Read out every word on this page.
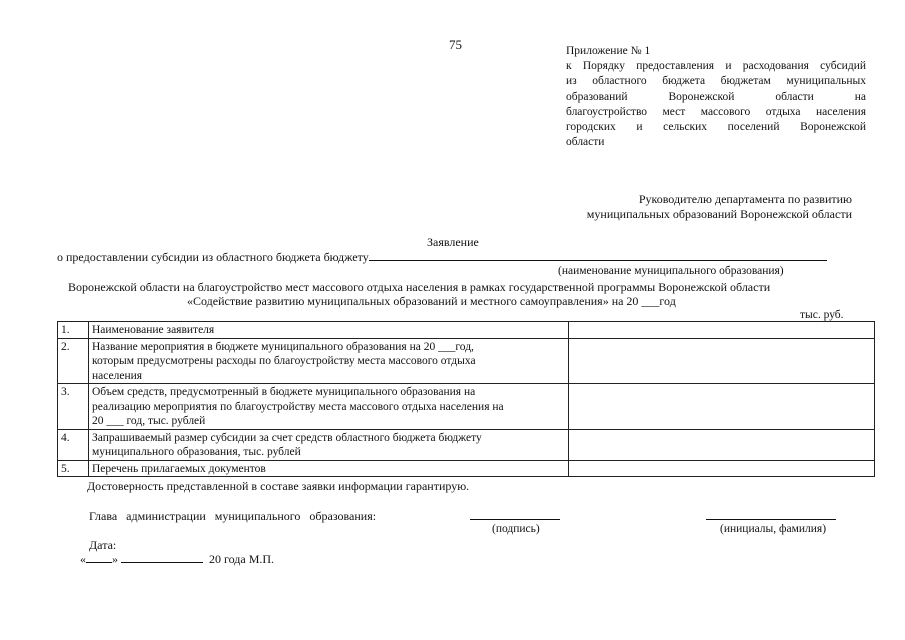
75	Приложение № 1
к Порядку предоставления и расходования субсидий
из областного бюджета бюджетам муниципальных
образований Воронежской области на
благоустройство мест массового отдыха населения
городских и сельских поселений Воронежской
области
Руководителю департамента по развитию
муниципальных образований Воронежской области
Заявление
о предоставлении субсидии из областного бюджета бюджету
(наименование муниципального образования)
Воронежской области на благоустройство мест массового отдыха населения в рамках государственной программы Воронежской области
«Содействие развитию муниципальных образований и местного самоуправления» на 20 ___год
тыс. руб.
1.	Наименование заявителя	

2.	Название мероприятия в бюджете муниципального образования на 20 ___год,
которым предусмотрены расходы по благоустройству места массового отдыха
населения	

3.	Объем средств, предусмотренный в бюджете муниципального образования на
реализацию мероприятия по благоустройству места массового отдыха населения на
20 ___ год, тыс. рублей	

4.	Запрашиваемый размер субсидии за счет средств областного бюджета бюджету
муниципального образования, тыс. рублей	

5.	Перечень прилагаемых документов	

Достоверность представленной в составе заявки информации гарантирую.
Глава администрации муниципального образования:
(подпись)	(инициалы, фамилия)
Дата:
« »	20 года М.П.
